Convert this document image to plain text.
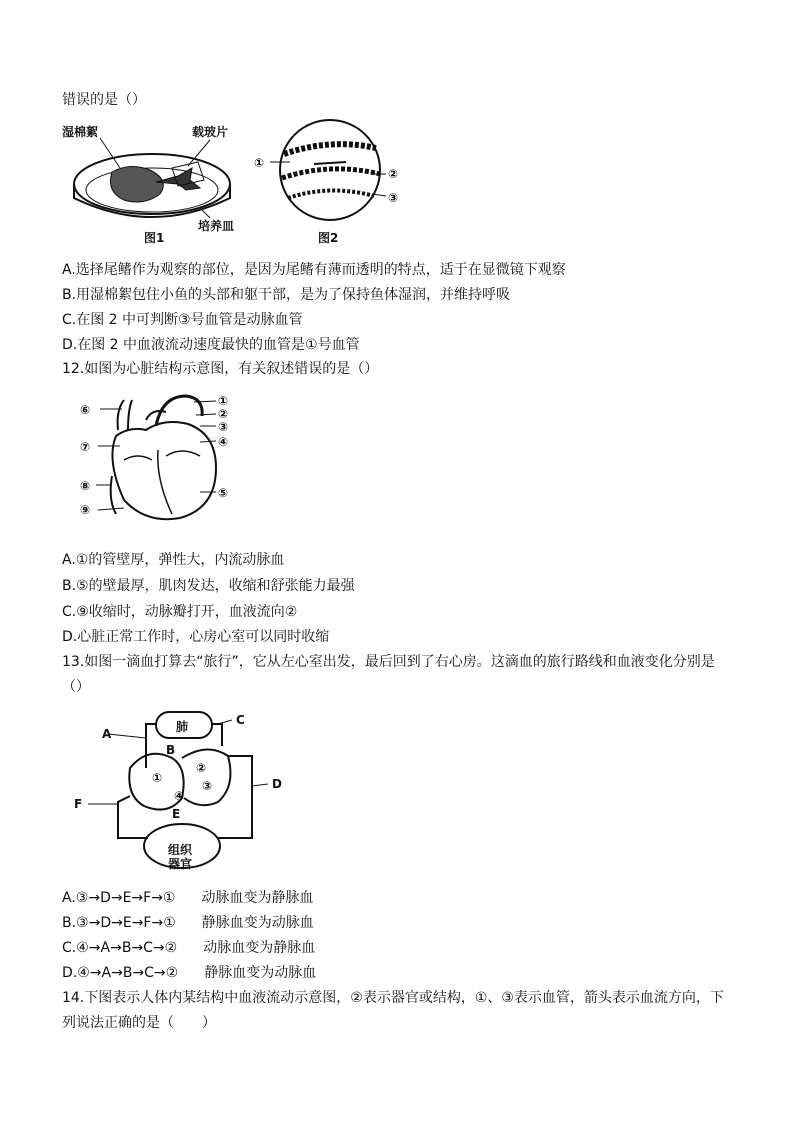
错误的是（）
湿棉絮	载玻片
培养皿
图1
①
②
③
图2
A.选择尾鳍作为观察的部位，是因为尾鳍有薄而透明的特点，适于在显微镜下观察
B.用湿棉絮包住小鱼的头部和躯干部，是为了保持鱼体湿润，并维持呼吸
C.在图 2 中可判断③号血管是动脉血管
D.在图 2 中血液流动速度最快的血管是①号血管
12.如图为心脏结构示意图，有关叙述错误的是（）
①
②
③
④
⑤
⑥
⑦
⑧
⑨
A.①的管壁厚，弹性大，内流动脉血
B.⑤的壁最厚，肌肉发达，收缩和舒张能力最强
C.⑨收缩时，动脉瓣打开，血液流向②
D.心脏正常工作时，心房心室可以同时收缩
13.如图一滴血打算去“旅行”，它从左心室出发，最后回到了右心房。这滴血的旅行路线和血液变化分别是
（）
肺
组织
器官
A
B
C
D
E
F
①
②
③
④
A.③→D→E→F→① 动脉血变为静脉血
B.③→D→E→F→① 静脉血变为动脉血
C.④→A→B→C→② 动脉血变为静脉血
D.④→A→B→C→② 静脉血变为动脉血
14.下图表示人体内某结构中血液流动示意图，②表示器官或结构，①、③表示血管，箭头表示血流方向，下
列说法正确的是（　　）
